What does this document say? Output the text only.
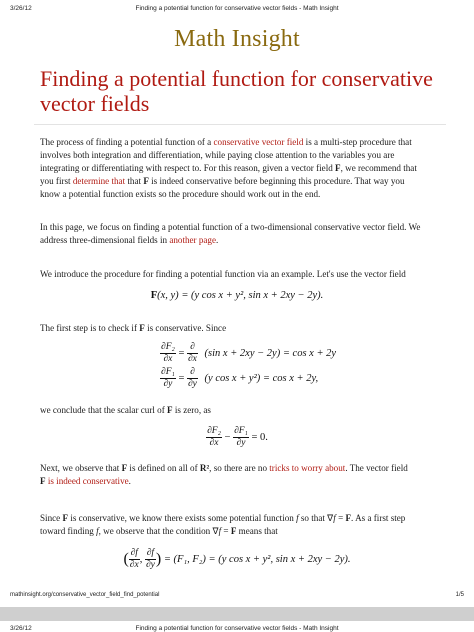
3/26/12	Finding a potential function for conservative vector fields - Math Insight
Math Insight
Finding a potential function for conservative
vector fields
The process of finding a potential function of a conservative vector field is a multi-step procedure that
involves both integration and differentiation, while paying close attention to the variables you are
integrating or differentiating with respect to. For this reason, given a vector field F, we recommend that
you first determine that that F is indeed conservative before beginning this procedure. That way you
know a potential function exists so the procedure should work out in the end.
In this page, we focus on finding a potential function of a two-dimensional conservative vector field. We
address three-dimensional fields in another page.
We introduce the procedure for finding a potential function via an example. Let's use the vector field
F(x, y) = (y cos x + y², sin x + 2xy − 2y).
The first step is to check if F is conservative. Since
$\frac{\text{∂F₂}}{\partial x} = \frac{\partial}{\partial x} (\sin$ x + 2xy − 2y) = cos x + 2y
$\frac{\text{∂F₁}}{\partial y} = \frac{\partial}{\partial y} (y$ cos x + y²) = cos x + 2y,
we conclude that the scalar curl of F is zero, as
$\frac{\text{∂F₂}}{\partial x} - \frac{\text{∂F₁}}{\partial y} = 0$.
Next, we observe that F is defined on all of R², so there are no tricks to worry about. The vector field
F is indeed conservative.
Since F is conservative, we know there exists some potential function f so that ∇f = F. As a first step
toward finding f, we observe that the condition ∇f = F means that
( $\frac{\partial f}{\partial x}$ , $\frac{\partial f}{\partial y}$ ) = (F₁, F₂) = (y cos x + y², sin x + 2xy − 2y).
mathinsight.org/conservative_vector_field_find_potential	1/5
3/26/12	Finding a potential function for conservative vector fields - Math Insight
